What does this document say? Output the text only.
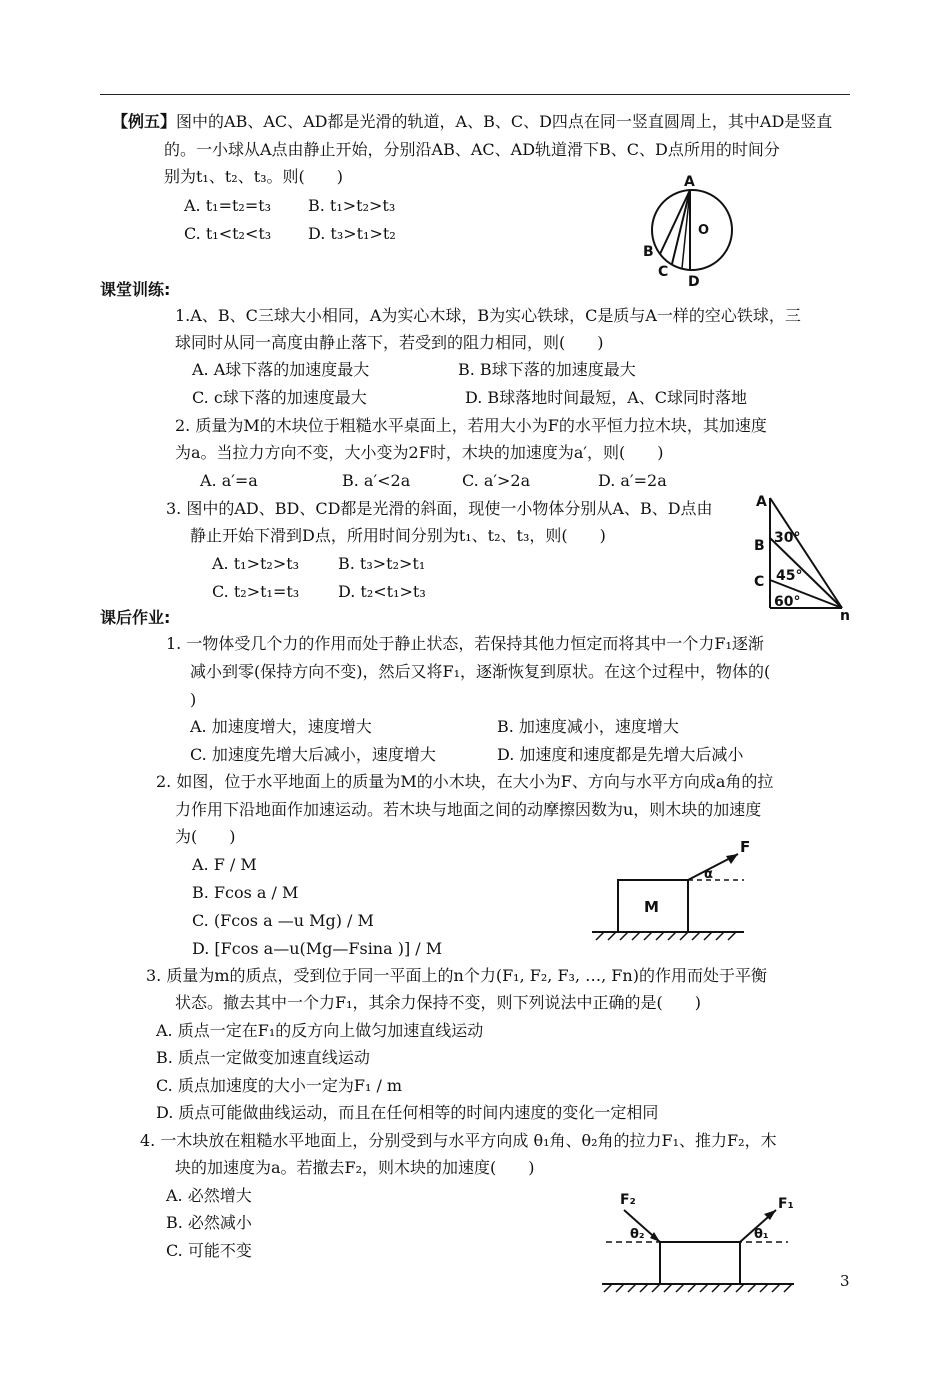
【例五】图中的AB、AC、AD都是光滑的轨道，A、B、C、D四点在同一竖直圆周上，其中AD是竖直
的。一小球从A点由静止开始，分别沿AB、AC、AD轨道滑下B、C、D点所用的时间分
别为t₁、t₂、t₃。则(　　)
A. t₁=t₂=t₃ B. t₁>t₂>t₃
C. t₁<t₂<t₃ D. t₃>t₁>t₂
A
B
C
D
O
课堂训练:
1.A、B、C三球大小相同，A为实心木球，B为实心铁球，C是质与A一样的空心铁球，三
球同时从同一高度由静止落下，若受到的阻力相同，则(　　)
A. A球下落的加速度最大	B. B球下落的加速度最大
C. c球下落的加速度最大	D. B球落地时间最短，A、C球同时落地
2. 质量为M的木块位于粗糙水平桌面上，若用大小为F的水平恒力拉木块，其加速度
为a。当拉力方向不变，大小变为2F时，木块的加速度为a′，则(　　)
A. a′=a	B. a′<2a	C. a′>2a	D. a′=2a
3. 图中的AD、BD、CD都是光滑的斜面，现使一小物体分别从A、B、D点由
静止开始下滑到D点，所用时间分别为t₁、t₂、t₃，则(　　)
A. t₁>t₂>t₃ B. t₃>t₂>t₁
C. t₂>t₁=t₃ D. t₂<t₁>t₃
A
B
C
n
30°
45°
60°
课后作业:
1. 一物体受几个力的作用而处于静止状态，若保持其他力恒定而将其中一个力F₁逐渐
减小到零(保持方向不变)，然后又将F₁，逐渐恢复到原状。在这个过程中，物体的(
)
A. 加速度增大，速度增大	B. 加速度减小，速度增大
C. 加速度先增大后减小，速度增大	D. 加速度和速度都是先增大后减小
2. 如图，位于水平地面上的质量为M的小木块，在大小为F、方向与水平方向成a角的拉
力作用下沿地面作加速运动。若木块与地面之间的动摩擦因数为u，则木块的加速度
为(　　)
A. F / M
B. Fcos a / M
C. (Fcos a —u Mg) / M
D. [Fcos a—u(Mg—Fsina )] / M
F
α
M
3. 质量为m的质点，受到位于同一平面上的n个力(F₁, F₂, F₃, …, Fn)的作用而处于平衡
状态。撤去其中一个力F₁，其余力保持不变，则下列说法中正确的是(　　)
A. 质点一定在F₁的反方向上做匀加速直线运动
B. 质点一定做变加速直线运动
C. 质点加速度的大小一定为F₁ / m
D. 质点可能做曲线运动，而且在任何相等的时间内速度的变化一定相同
4. 一木块放在粗糙水平地面上，分别受到与水平方向成 θ₁角、θ₂角的拉力F₁、推力F₂，木
块的加速度为a。若撤去F₂，则木块的加速度(　　)
A. 必然增大
B. 必然减小
C. 可能不变
F₂	F₁
θ₂	θ₁
3
